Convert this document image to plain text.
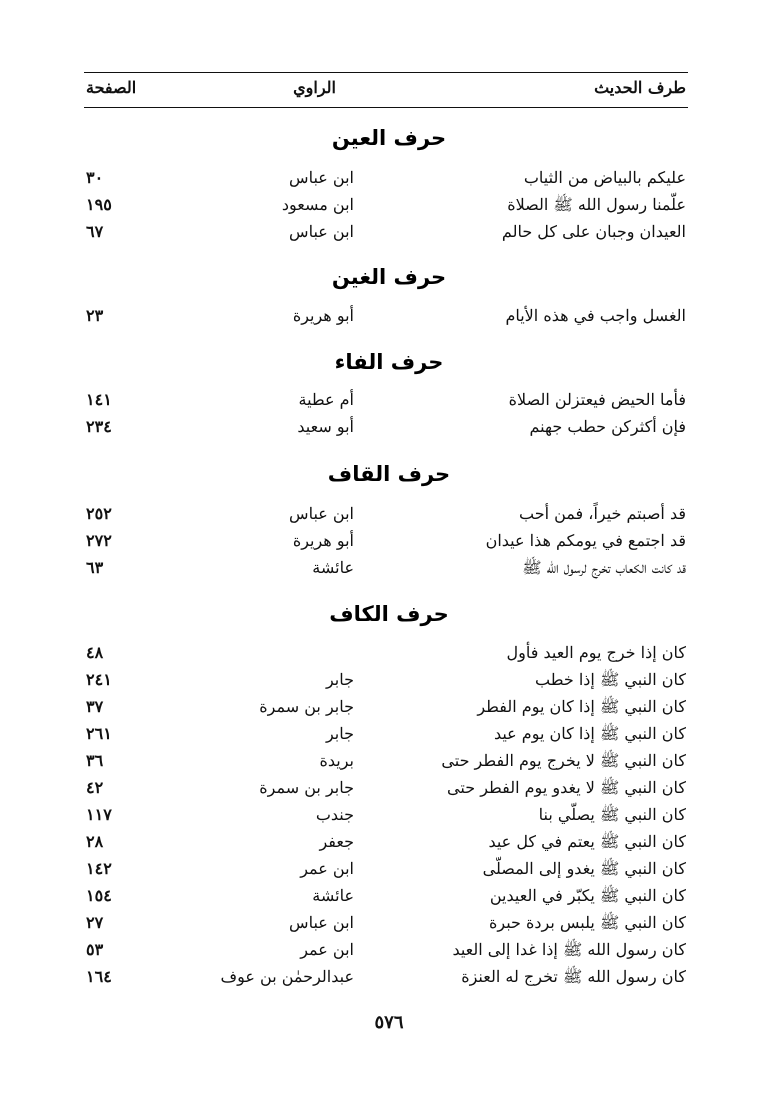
طرف الحديث
الراوي
الصفحة
حرف العين
عليكم بالبياض من الثياب
ابن عباس
٣٠
علّمنا رسول الله ﷺ الصلاة
ابن مسعود
١٩٥
العيدان وجبان على كل حالم
ابن عباس
٦٧
حرف الغين
الغسل واجب في هذه الأيام
أبو هريرة
٢٣
حرف الفاء
فأما الحيض فيعتزلن الصلاة
أم عطية
١٤١
فإن أكثركن حطب جهنم
أبو سعيد
٢٣٤
حرف القاف
قد أصبتم خيراً، فمن أحب
ابن عباس
٢٥٢
قد اجتمع في يومكم هذا عيدان
أبو هريرة
٢٧٢
قد كانت الكعاب تخرج لرسول الله ﷺ
عائشة
٦٣
حرف الكاف
كان إذا خرج يوم العيد فأول
٤٨
كان النبي ﷺ إذا خطب
جابر
٢٤١
كان النبي ﷺ إذا كان يوم الفطر
جابر بن سمرة
٣٧
كان النبي ﷺ إذا كان يوم عيد
جابر
٢٦١
كان النبي ﷺ لا يخرج يوم الفطر حتى
بريدة
٣٦
كان النبي ﷺ لا يغدو يوم الفطر حتى
جابر بن سمرة
٤٢
كان النبي ﷺ يصلّي بنا
جندب
١١٧
كان النبي ﷺ يعتم في كل عيد
جعفر
٢٨
كان النبي ﷺ يغدو إلى المصلّى
ابن عمر
١٤٢
كان النبي ﷺ يكبّر في العيدين
عائشة
١٥٤
كان النبي ﷺ يلبس بردة حبرة
ابن عباس
٢٧
كان رسول الله ﷺ إذا غدا إلى العيد
ابن عمر
٥٣
كان رسول الله ﷺ تخرج له العنزة
عبدالرحمٰن بن عوف
١٦٤
٥٧٦
